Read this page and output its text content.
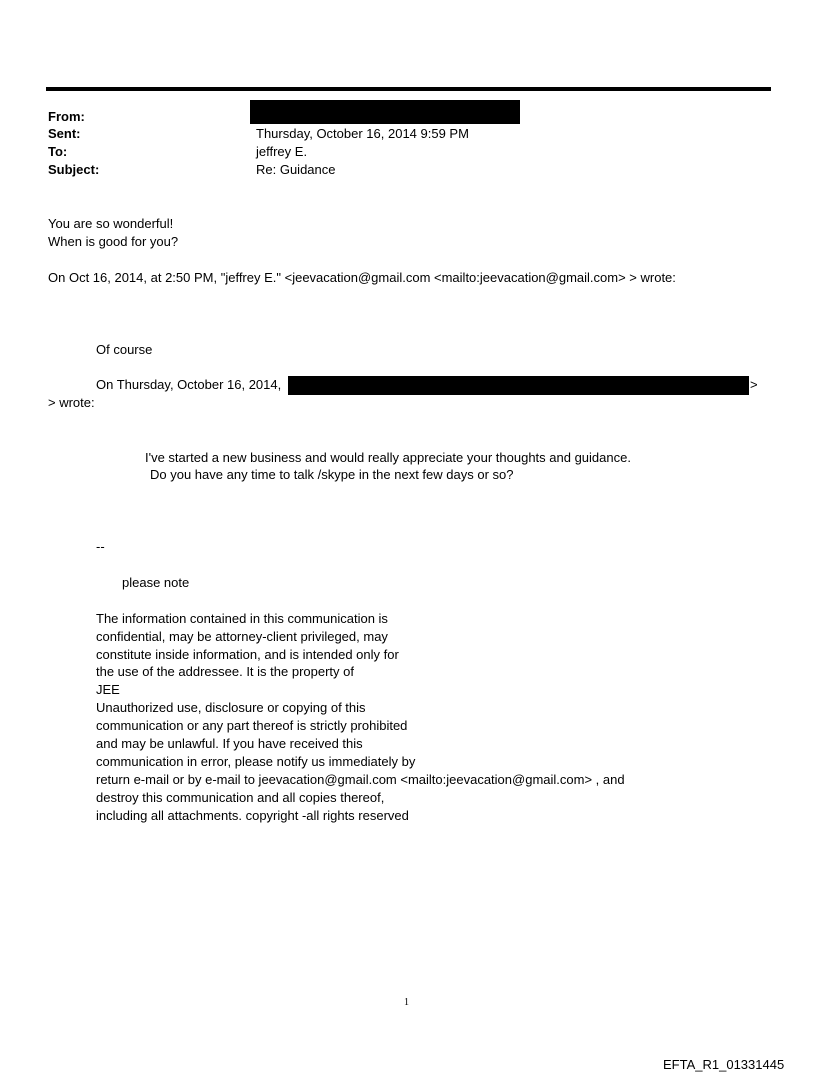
From:
Sent:
To:
Subject:
Thursday, October 16, 2014 9:59 PM
jeffrey E.
Re: Guidance
You are so wonderful!
When is good for you?
On Oct 16, 2014, at 2:50 PM, "jeffrey E." <jeevacation@gmail.com <mailto:jeevacation@gmail.com> > wrote:
Of course
On Thursday, October 16, 2014,	>
> wrote:
I've started a new business and would really appreciate your thoughts and guidance.
Do you have any time to talk /skype in the next few days or so?
--
please note
The information contained in this communication is
confidential, may be attorney-client privileged, may
constitute inside information, and is intended only for
the use of the addressee. It is the property of
JEE
Unauthorized use, disclosure or copying of this
communication or any part thereof is strictly prohibited
and may be unlawful. If you have received this
communication in error, please notify us immediately by
return e-mail or by e-mail to jeevacation@gmail.com <mailto:jeevacation@gmail.com> , and
destroy this communication and all copies thereof,
including all attachments. copyright -all rights reserved
1
EFTA_R1_01331445
